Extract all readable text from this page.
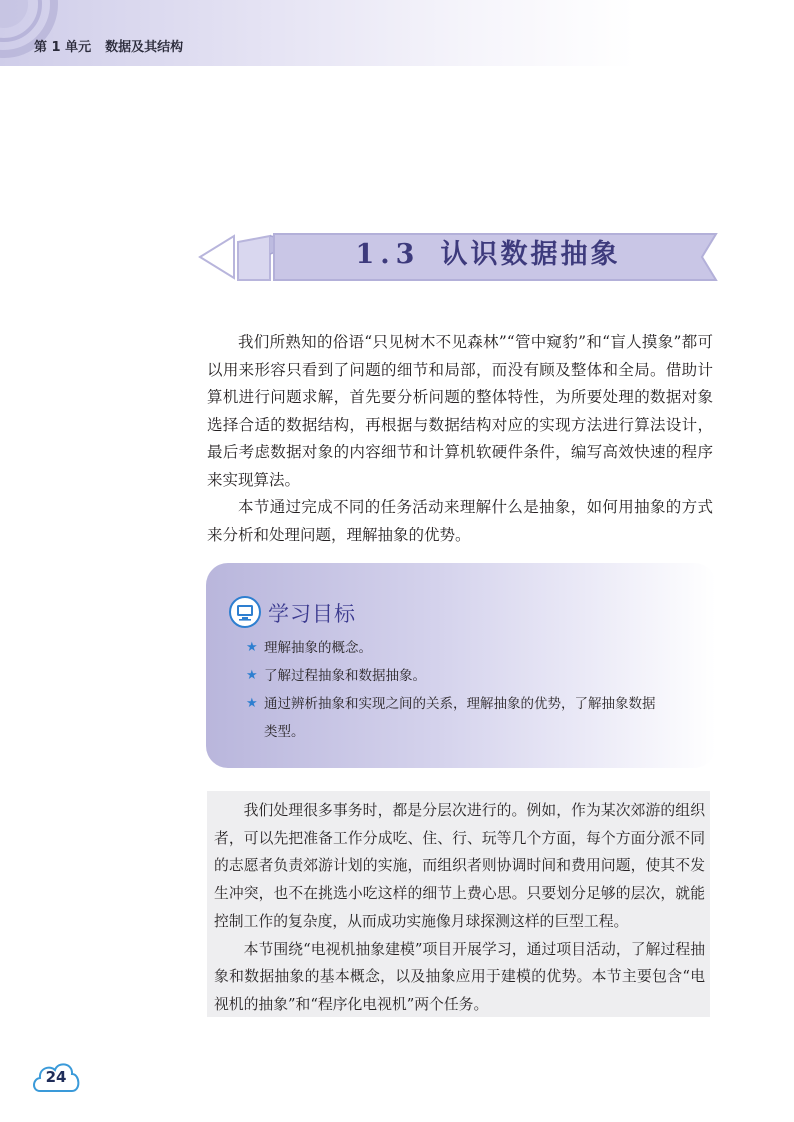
第 1 单元 数据及其结构
1.3 认识数据抽象

我们所熟知的俗语“只见树木不见森林”“管中窥豹”和“盲人摸象”都可以用来形容只看到了问题的细节和局部，而没有顾及整体和全局。借助计算机进行问题求解，首先要分析问题的整体特性，为所要处理的数据对象选择合适的数据结构，再根据与数据结构对应的实现方法进行算法设计，最后考虑数据对象的内容细节和计算机软硬件条件，编写高效快速的程序来实现算法。

本节通过完成不同的任务活动来理解什么是抽象，如何用抽象的方式来分析和处理问题，理解抽象的优势。

学习目标
★ 理解抽象的概念。
★ 了解过程抽象和数据抽象。
★ 通过辨析抽象和实现之间的关系，理解抽象的优势，了解抽象数据
类型。

我们处理很多事务时，都是分层次进行的。例如，作为某次郊游的组织者，可以先把准备工作分成吃、住、行、玩等几个方面，每个方面分派不同的志愿者负责郊游计划的实施，而组织者则协调时间和费用问题，使其不发生冲突，也不在挑选小吃这样的细节上费心思。只要划分足够的层次，就能控制工作的复杂度，从而成功实施像月球探测这样的巨型工程。

本节围绕“电视机抽象建模”项目开展学习，通过项目活动，了解过程抽象和数据抽象的基本概念，以及抽象应用于建模的优势。本节主要包含“电视机的抽象”和“程序化电视机”两个任务。

24
